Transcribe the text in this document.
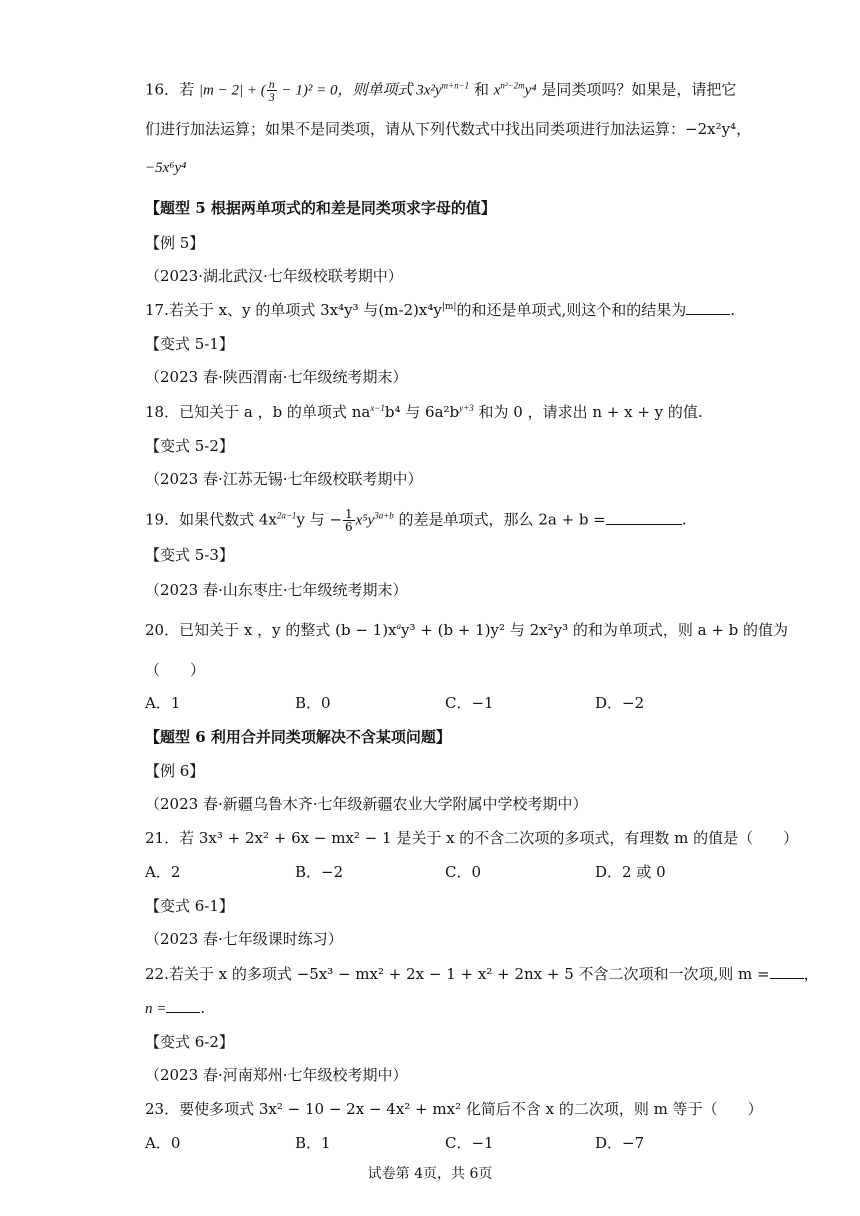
16．若 |m − 2| + ( $\frac{n}{3} - 1)^2 = 0$，则单项式 $3x^2y^{m+n-1}$ 和 $x^{n^2-2m}y^4$ 是同类项吗？如果是，请把它
们进行加法运算；如果不是同类项，请从下列代数式中找出同类项进行加法运算：−2x²y⁴，
−5x⁶y⁴
【题型 5 根据两单项式的和差是同类项求字母的值】
【例 5】
（2023·湖北武汉·七年级校联考期中）
17.若关于 x、y 的单项式 3x⁴y³ 与$(m-2)x^4y^{|m|}$的和还是单项式,则这个和的结果为	.
【变式 5-1】
（2023 春·陕西渭南·七年级统考期末）
18．已知关于 a ，b 的单项式 $na^{x-1}b^4$ 与 $6a^2b^{y+3}$ 和为 0 ，请求出 n + x + y 的值.
【变式 5-2】
（2023 春·江苏无锡·七年级校联考期中）
19．如果代数式 $4x^{2a-1}y$ 与 − $\frac{1}{6} x^5y^{3a+b}$ 的差是单项式，那么 2a + b =	.
【变式 5-3】
（2023 春·山东枣庄·七年级统考期末）
20．已知关于 x ，y 的整式 $(b - 1)x^ay^3 + (b + 1)y^2$ 与 2x²y³ 的和为单项式，则 a + b 的值为
（　　）
A．1	B．0	C．−1	D．−2
【题型 6 利用合并同类项解决不含某项问题】
【例 6】
（2023 春·新疆乌鲁木齐·七年级新疆农业大学附属中学校考期中）
21．若 3x³ + 2x² + 6x − mx² − 1 是关于 x 的不含二次项的多项式，有理数 m 的值是（　　）
A．2	B．−2	C．0	D．2 或 0
【变式 6-1】
（2023 春·七年级课时练习）
22.若关于 x 的多项式 −5x³ − mx² + 2x − 1 + x² + 2nx + 5 不含二次项和一次项,则 m = ，
n = .
【变式 6-2】
（2023 春·河南郑州·七年级校考期中）
23．要使多项式 3x² − 10 − 2x − 4x² + mx² 化简后不含 x 的二次项，则 m 等于（　　）
A．0	B．1	C．−1	D．−7
试卷第 4页，共 6页
